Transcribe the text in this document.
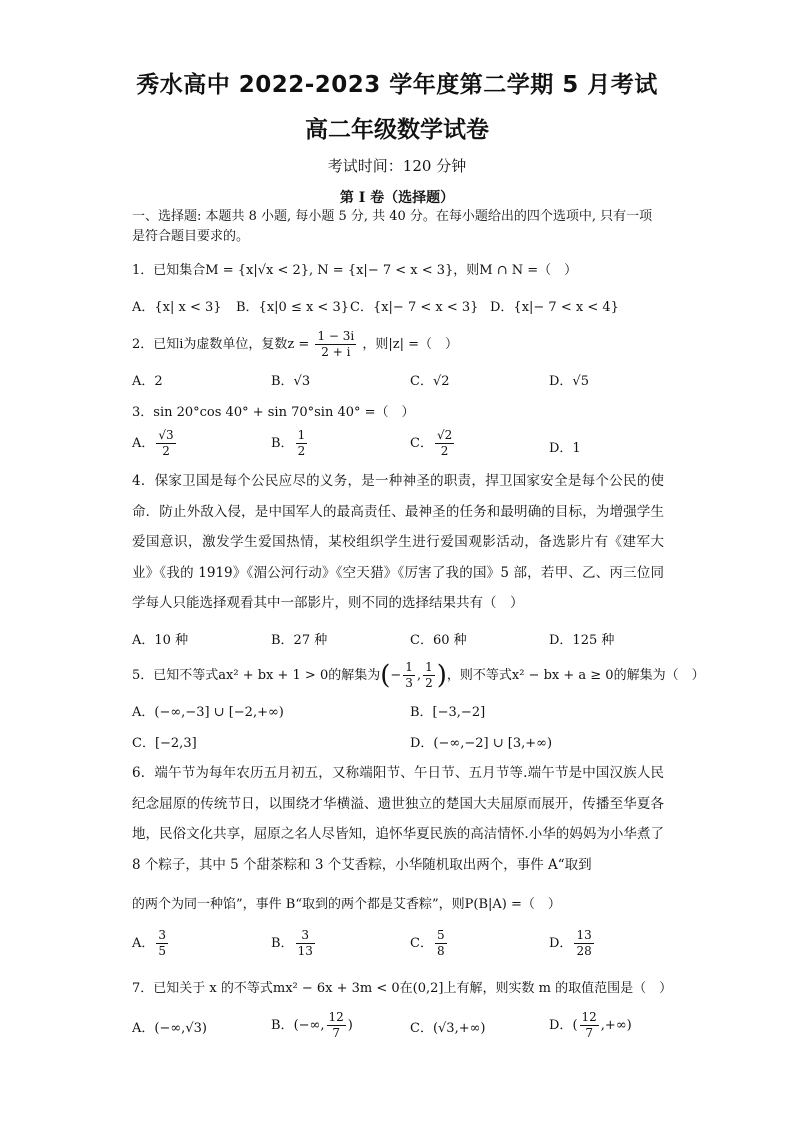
秀水高中 2022-2023 学年度第二学期 5 月考试
高二年级数学试卷
考试时间：120 分钟
第 I 卷（选择题）
一、选择题: 本题共 8 小题, 每小题 5 分, 共 40 分。在每小题给出的四个选项中, 只有一项是符合题目要求的。
1．已知集合M = {x|√x < 2}, N = {x|− 7 < x < 3}，则M ∩ N =（　）
A．{x| x < 3} B．{x|0 ≤ x < 3} C．{x|− 7 < x < 3} D．{x|− 7 < x < 4}
2．已知i为虚数单位，复数$z = \frac{1 - 3i}{2 + i}$ ，则|z| =（　）
A．2	B．√3	C．√2	D．√5
3．sin 20°cos 40° + sin 70°sin 40° =（　）
A． $\frac{√3}{2}$	B． $\frac{1}{2}$	C． $\frac{√2}{2}$	D．1
4．保家卫国是每个公民应尽的义务，是一种神圣的职责，捍卫国家安全是每个公民的使命．防止外敌入侵，是中国军人的最高责任、最神圣的任务和最明确的目标，为增强学生爱国意识，激发学生爱国热情，某校组织学生进行爱国观影活动，备选影片有《建军大业》《我的 1919》《湄公河行动》《空天猎》《厉害了我的国》5 部，若甲、乙、丙三位同学每人只能选择观看其中一部影片，则不同的选择结果共有（　）
A．10 种	B．27 种	C．60 种	D．125 种
5．已知不等式ax² + bx + 1 > 0的解集为(− $\frac{1}{3}$ , $\frac{1}{2}$ )，则不等式x² − bx + a ≥ 0的解集为（　）
A．(−∞,−3] ∪ [−2,+∞)	B．[−3,−2]
C．[−2,3]	D．(−∞,−2] ∪ [3,+∞)
6．端午节为每年农历五月初五，又称端阳节、午日节、五月节等.端午节是中国汉族人民纪念屈原的传统节日，以围绕才华横溢、遗世独立的楚国大夫屈原而展开，传播至华夏各地，民俗文化共享，屈原之名人尽皆知，追怀华夏民族的高洁情怀.小华的妈妈为小华煮了 8 个粽子，其中 5 个甜茶粽和 3 个艾香粽，小华随机取出两个，事件 A“取到
的两个为同一种馅”，事件 B“取到的两个都是艾香粽”，则P(B|A) =（　）
A． $\frac{3}{5}$	B． $\frac{3}{13}$	C． $\frac{5}{8}$	D． $\frac{13}{28}$
7．已知关于 x 的不等式mx² − 6x + 3m < 0在(0,2]上有解，则实数 m 的取值范围是（　）
A．(−∞,√3)	B．(−∞, $\frac{12}{7}$ )	C．(√3,+∞)	D．( $\frac{12}{7}$ ,+∞)
